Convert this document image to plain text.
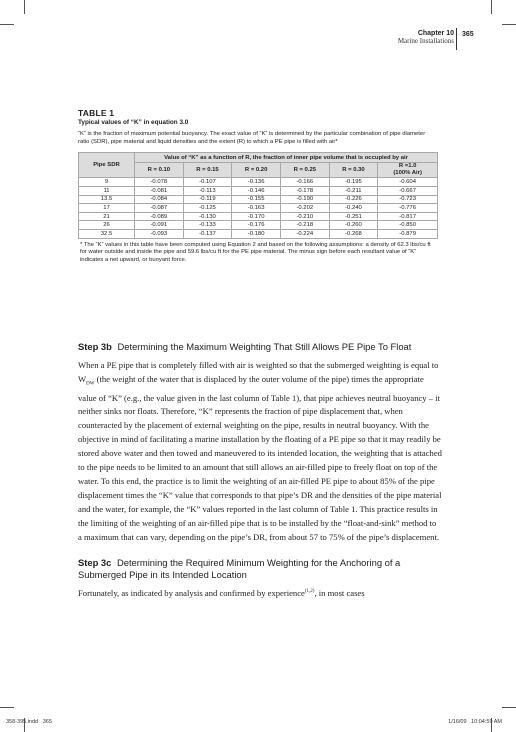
Chapter 10
Marine Installations
365
TABLE 1
Typical values of “K” in equation 3.0
“K” is the fraction of maximum potential buoyancy. The exact value of “K” is determined by the particular combination of pipe diameter ratio (SDR), pipe material and liquid densities and the extent (R) to which a PE pipe is filled with air*
Pipe SDR	Value of “K” as a function of R, the fraction of inner pipe volume that is occupied by air					
	R = 0.10	R = 0.15	R = 0.20	R = 0.25	R = 0.30	R =1.0
(100% Air)
9	-0.078	-0.107	-0.136	-0.166	-0.195	-0.604
11	-0.081	-0.113	-0.146	-0.178	-0.211	-0.667
13.5	-0.084	-0.119	-0.155	-0.190	-0.226	-0.723
17	-0.087	-0.125	-0.163	-0.202	-0.240	-0.776
21	-0.089	-0.130	-0.170	-0.210	-0.251	-0.817
26	-0.091	-0.133	-0.176	-0.218	-0.260	-0.850
32.5	-0.093	-0.137	-0.180	-0.224	-0.268	-0.879
* The “K” values in this table have been computed using Equation 2 and based on the following assumptions: a density of 62.3 lbs/cu ft for water outside and inside the pipe and 59.6 lbs/cu ft for the PE pipe material. The minus sign before each resultant value of “K” indicates a net upward, or buoyant force.
Step 3b Determining the Maximum Weighting That Still Allows PE Pipe To Float

When a PE pipe that is completely filled with air is weighted so that the submerged weighting is equal to $W_{DW}$ (the weight of the water that is displaced by the outer volume of the pipe) times the appropriate value of “K” (e.g., the value given in the last column of Table 1), that pipe achieves neutral buoyancy – it neither sinks nor floats. Therefore, “K” represents the fraction of pipe displacement that, when counteracted by the placement of external weighting on the pipe, results in neutral buoyancy. With the objective in mind of facilitating a marine installation by the floating of a PE pipe so that it may readily be stored above water and then towed and maneuvered to its intended location, the weighting that is attached to the pipe needs to be limited to an amount that still allows an air-filled pipe to freely float on top of the water. To this end, the practice is to limit the weighting of an air-filled PE pipe to about 85% of the pipe displacement times the “K” value that corresponds to that pipe’s DR and the densities of the pipe material and the water, for example, the “K” values reported in the last column of Table 1. This practice results in the limiting of the weighting of an air-filled pipe that is to be installed by the “float-and-sink” method to a maximum that can vary, depending on the pipe’s DR, from about 57 to 75% of the pipe’s displacement.

Step 3c Determining the Required Minimum Weighting for the Anchoring of a Submerged Pipe in its Intended Location

Fortunately, as indicated by analysis and confirmed by experience$^{(1,2)}$, in most cases

358-395.indd   365	1/16/09   10:04:59 AM
